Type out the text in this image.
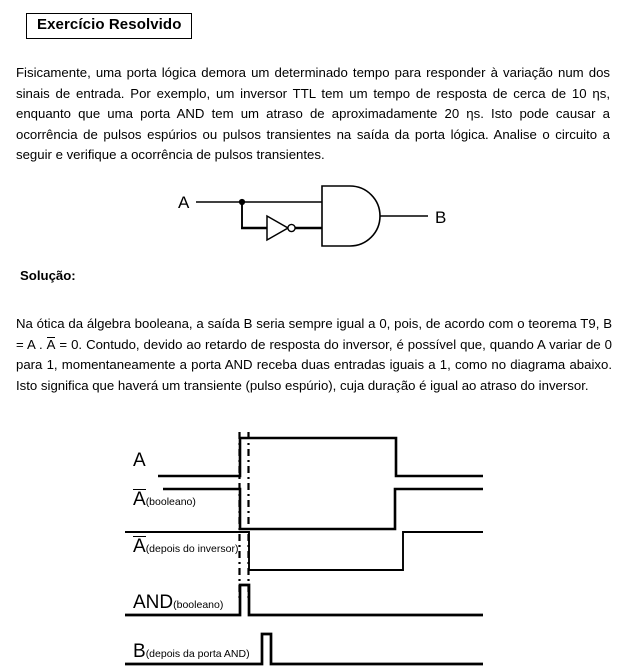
Exercício Resolvido
Fisicamente, uma porta lógica demora um determinado tempo para responder à variação num dos sinais de entrada. Por exemplo, um inversor TTL tem um tempo de resposta de cerca de 10 ηs, enquanto que uma porta AND tem um atraso de aproximadamente 20 ηs. Isto pode causar a ocorrência de pulsos espúrios ou pulsos transientes na saída da porta lógica. Analise o circuito a seguir e verifique a ocorrência de pulsos transientes.
A
B
Solução:
Na ótica da álgebra booleana, a saída B seria sempre igual a 0, pois, de acordo com o teorema T9, B = A . A = 0. Contudo, devido ao retardo de resposta do inversor, é possível que, quando A variar de 0 para 1, momentaneamente a porta AND receba duas entradas iguais a 1, como no diagrama abaixo. Isto significa que haverá um transiente (pulso espúrio), cuja duração é igual ao atraso do inversor.
A
A(booleano)
A(depois do inversor)
AND(booleano)
B(depois da porta AND)
